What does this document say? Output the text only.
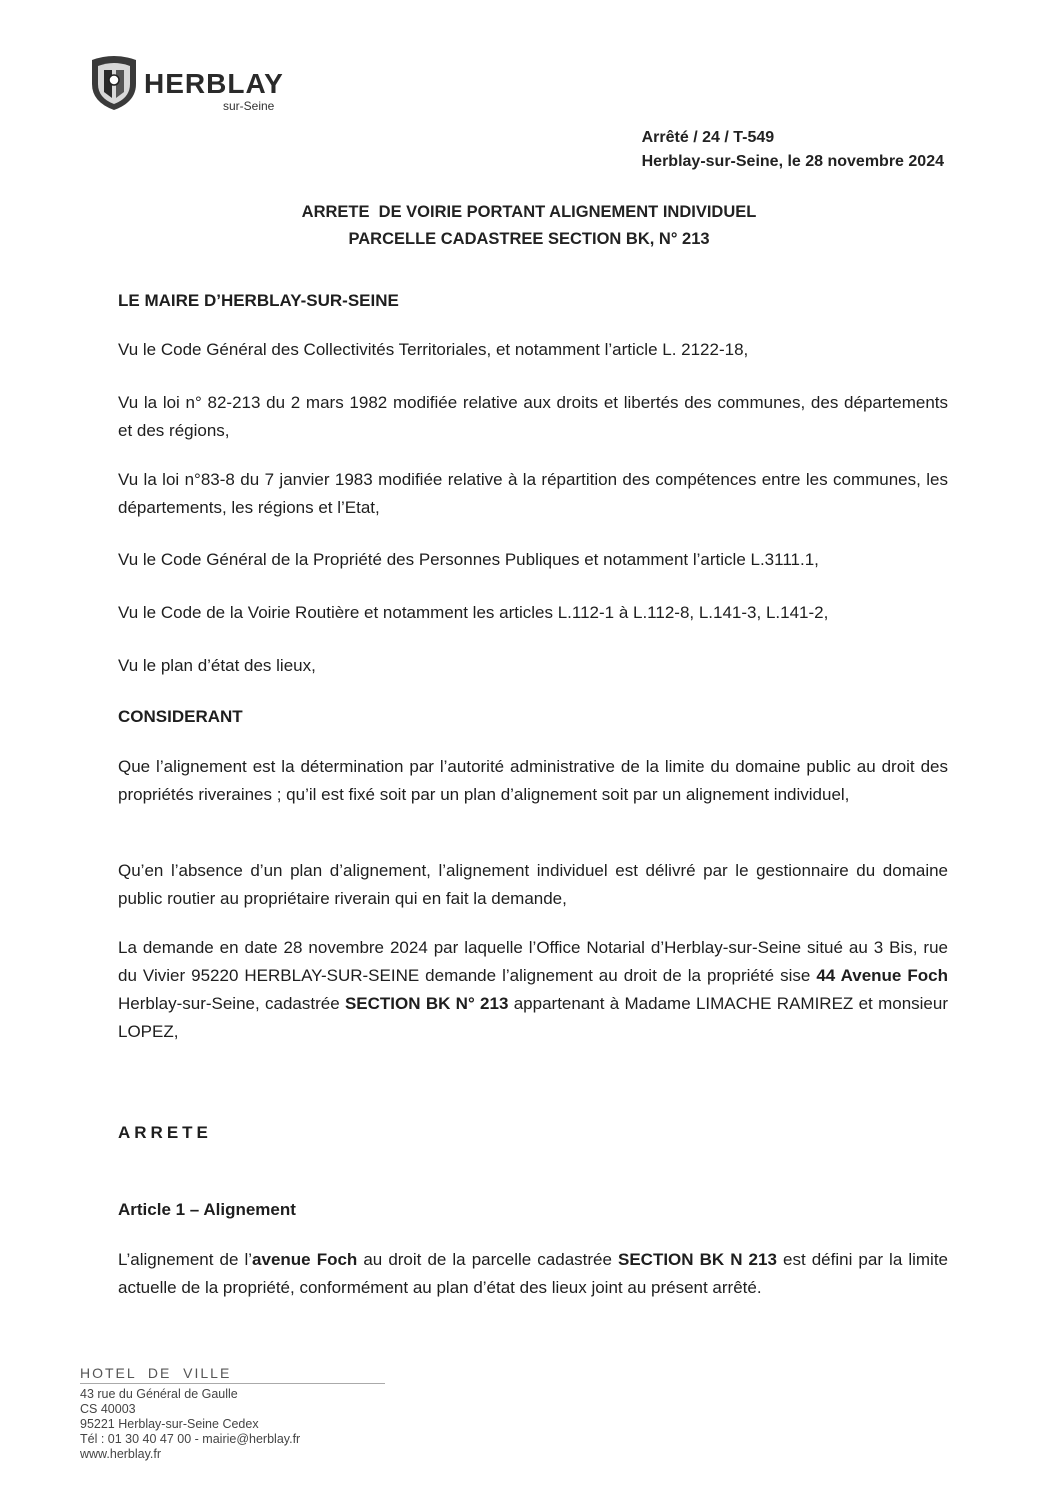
HERBLAY
sur-Seine
Arrêté / 24 / T-549
Herblay-sur-Seine, le 28 novembre 2024
ARRETE  DE VOIRIE PORTANT ALIGNEMENT INDIVIDUEL
PARCELLE CADASTREE SECTION BK, N° 213

LE MAIRE D’HERBLAY-SUR-SEINE

Vu le Code Général des Collectivités Territoriales, et notamment l’article L. 2122-18,

Vu la loi n° 82-213 du 2 mars 1982 modifiée relative aux droits et libertés des communes, des départements et des régions,

Vu la loi n°83-8 du 7 janvier 1983 modifiée relative à la répartition des compétences entre les communes, les départements, les régions et l’Etat,

Vu le Code Général de la Propriété des Personnes Publiques et notamment l’article L.3111.1,

Vu le Code de la Voirie Routière et notamment les articles L.112-1 à L.112-8, L.141-3, L.141-2,

Vu le plan d’état des lieux,

CONSIDERANT

Que l’alignement est la détermination par l’autorité administrative de la limite du domaine public au droit des propriétés riveraines ; qu’il est fixé soit par un plan d’alignement soit par un alignement individuel,

Qu’en l’absence d’un plan d’alignement, l’alignement individuel est délivré par le gestionnaire du domaine public routier au propriétaire riverain qui en fait la demande,

La demande en date 28 novembre 2024 par laquelle l’Office Notarial d’Herblay-sur-Seine situé au 3 Bis, rue du Vivier 95220 HERBLAY-SUR-SEINE demande l’alignement au droit de la propriété sise 44 Avenue Foch Herblay-sur-Seine, cadastrée SECTION BK N° 213 appartenant à Madame LIMACHE RAMIREZ et monsieur LOPEZ,

ARRETE

Article 1 – Alignement

L’alignement de l’avenue Foch au droit de la parcelle cadastrée SECTION BK N 213 est défini par la limite actuelle de la propriété, conformément au plan d’état des lieux joint au présent arrêté.

HOTEL  DE  VILLE
43 rue du Général de Gaulle
CS 40003
95221 Herblay-sur-Seine Cedex
Tél : 01 30 40 47 00 - mairie@herblay.fr
www.herblay.fr
